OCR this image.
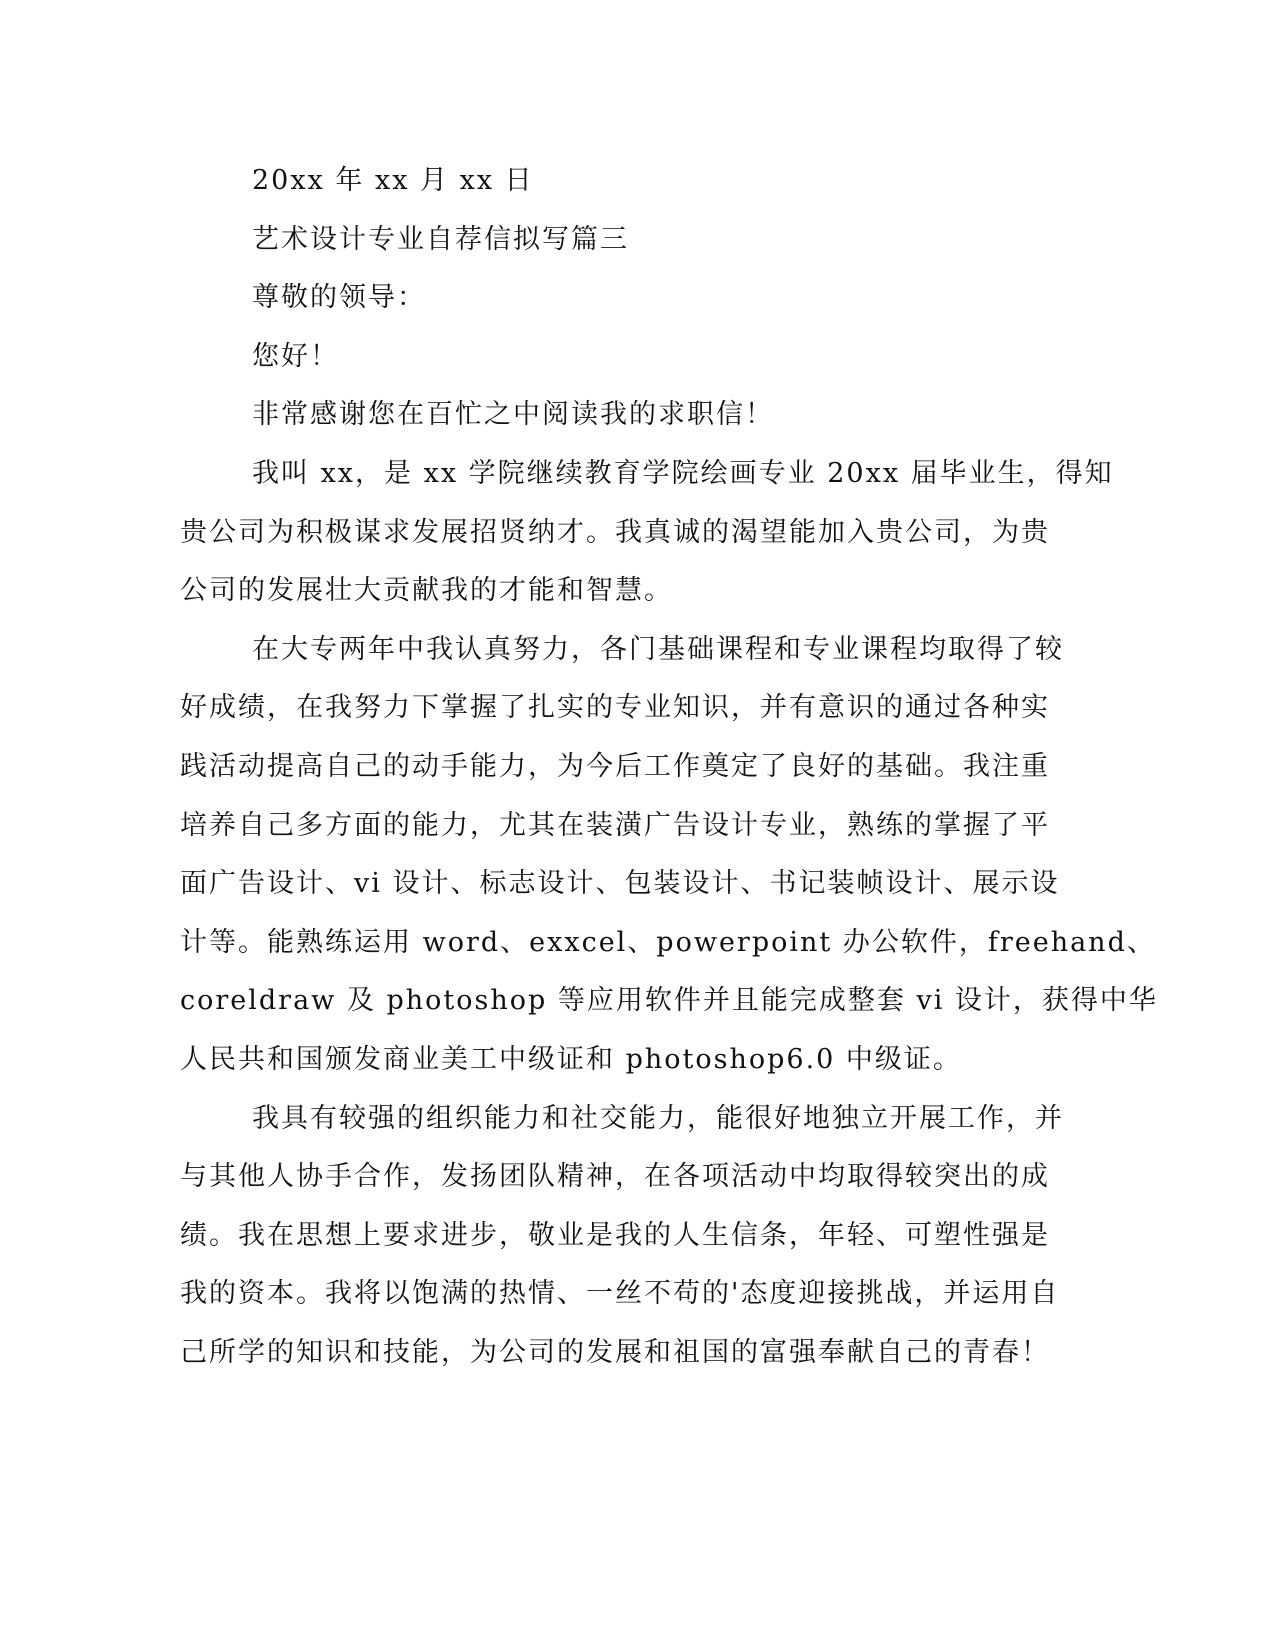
20xx 年 xx 月 xx 日
艺术设计专业自荐信拟写篇三
尊敬的领导：
您好！
非常感谢您在百忙之中阅读我的求职信！
我叫 xx，是 xx 学院继续教育学院绘画专业 20xx 届毕业生，得知
贵公司为积极谋求发展招贤纳才。我真诚的渴望能加入贵公司，为贵
公司的发展壮大贡献我的才能和智慧。
在大专两年中我认真努力，各门基础课程和专业课程均取得了较
好成绩，在我努力下掌握了扎实的专业知识，并有意识的通过各种实
践活动提高自己的动手能力，为今后工作奠定了良好的基础。我注重
培养自己多方面的能力，尤其在装潢广告设计专业，熟练的掌握了平
面广告设计、vi 设计、标志设计、包装设计、书记装帧设计、展示设
计等。能熟练运用 word、exxcel、powerpoint 办公软件，freehand、
coreldraw 及 photoshop 等应用软件并且能完成整套 vi 设计，获得中华
人民共和国颁发商业美工中级证和 photoshop6.0 中级证。
我具有较强的组织能力和社交能力，能很好地独立开展工作，并
与其他人协手合作，发扬团队精神，在各项活动中均取得较突出的成
绩。我在思想上要求进步，敬业是我的人生信条，年轻、可塑性强是
我的资本。我将以饱满的热情、一丝不苟的'态度迎接挑战，并运用自
己所学的知识和技能，为公司的发展和祖国的富强奉献自己的青春！
